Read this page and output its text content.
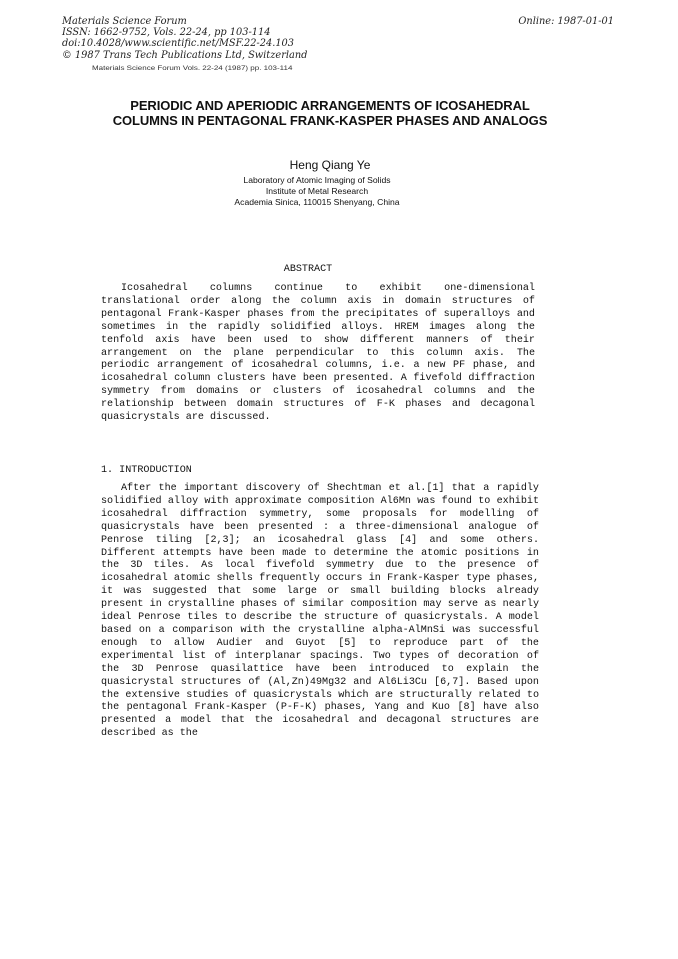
Materials Science Forum
ISSN: 1662-9752, Vols. 22-24, pp 103-114
doi:10.4028/www.scientific.net/MSF.22-24.103
© 1987 Trans Tech Publications Ltd, Switzerland
Online: 1987-01-01
Materials Science Forum Vols. 22-24 (1987) pp. 103-114
PERIODIC AND APERIODIC ARRANGEMENTS OF ICOSAHEDRAL COLUMNS IN PENTAGONAL FRANK-KASPER PHASES AND ANALOGS
Heng Qiang Ye
Laboratory of Atomic Imaging of Solids
Institute of Metal Research
Academia Sinica, 110015 Shenyang, China
ABSTRACT

Icosahedral columns continue to exhibit one-dimensional translational order along the column axis in domain structures of pentagonal Frank-Kasper phases from the precipitates of superalloys and sometimes in the rapidly solidified alloys. HREM images along the tenfold axis have been used to show different manners of their arrangement on the plane perpendicular to this column axis. The periodic arrangement of icosahedral columns, i.e. a new PF phase, and icosahedral column clusters have been presented. A fivefold diffraction symmetry from domains or clusters of icosahedral columns and the relationship between domain structures of F-K phases and decagonal quasicrystals are discussed.

1. INTRODUCTION

After the important discovery of Shechtman et al.[1] that a rapidly solidified alloy with approximate composition Al6Mn was found to exhibit icosahedral diffraction symmetry, some proposals for modelling of quasicrystals have been presented : a three-dimensional analogue of Penrose tiling [2,3]; an icosahedral glass [4] and some others. Different attempts have been made to determine the atomic positions in the 3D tiles. As local fivefold symmetry due to the presence of icosahedral atomic shells frequently occurs in Frank-Kasper type phases, it was suggested that some large or small building blocks already present in crystalline phases of similar composition may serve as nearly ideal Penrose tiles to describe the structure of quasicrystals. A model based on a comparison with the crystalline alpha-AlMnSi was successful enough to allow Audier and Guyot [5] to reproduce part of the experimental list of interplanar spacings. Two types of decoration of the 3D Penrose quasilattice have been introduced to explain the quasicrystal structures of (Al,Zn)49Mg32 and Al6Li3Cu [6,7]. Based upon the extensive studies of quasicrystals which are structurally related to the pentagonal Frank-Kasper (P-F-K) phases, Yang and Kuo [8] have also presented a model that the icosahedral and decagonal structures are described as the
